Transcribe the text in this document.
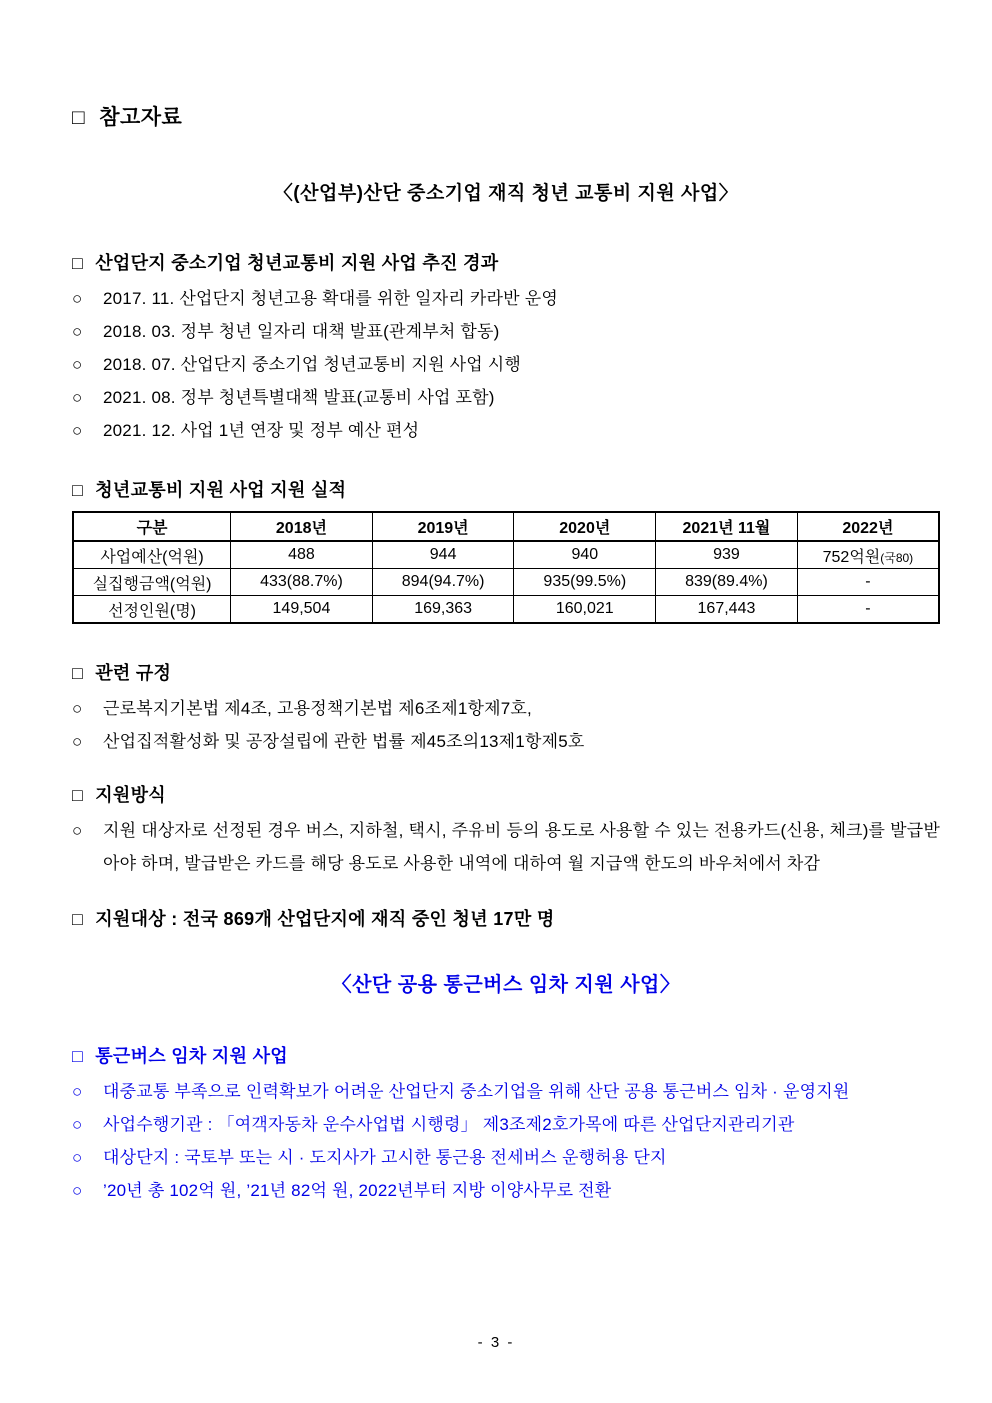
□ 참고자료
〈(산업부)산단 중소기업 재직 청년 교통비 지원 사업〉
□ 산업단지 중소기업 청년교통비 지원 사업 추진 경과
○ 2017. 11. 산업단지 청년고용 확대를 위한 일자리 카라반 운영
○ 2018. 03. 정부 청년 일자리 대책 발표(관계부처 합동)
○ 2018. 07. 산업단지 중소기업 청년교통비 지원 사업 시행
○ 2021. 08. 정부 청년특별대책 발표(교통비 사업 포함)
○ 2021. 12. 사업 1년 연장 및 정부 예산 편성
□ 청년교통비 지원 사업 지원 실적
구분	2018년	2019년	2020년	2021년 11월	2022년
사업예산(억원)	488	944	940	939	752억원(국80)
실집행금액(억원)	433(88.7%)	894(94.7%)	935(99.5%)	839(89.4%)	-
선정인원(명)	149,504	169,363	160,021	167,443	-
□ 관련 규정
○ 근로복지기본법 제4조, 고용정책기본법 제6조제1항제7호,
○ 산업집적활성화 및 공장설립에 관한 법률 제45조의13제1항제5호
□ 지원방식
○ 지원 대상자로 선정된 경우 버스, 지하철, 택시, 주유비 등의 용도로 사용할 수 있는 전용카드(신용, 체크)를 발급받아야 하며, 발급받은 카드를 해당 용도로 사용한 내역에 대하여 월 지급액 한도의 바우처에서 차감
□ 지원대상 : 전국 869개 산업단지에 재직 중인 청년 17만 명
〈산단 공용 통근버스 임차 지원 사업〉
□ 통근버스 임차 지원 사업
○ 대중교통 부족으로 인력확보가 어려운 산업단지 중소기업을 위해 산단 공용 통근버스 임차 · 운영지원
○ 사업수행기관 : 「여객자동차 운수사업법 시행령」 제3조제2호가목에 따른 산업단지관리기관
○ 대상단지 : 국토부 또는 시 · 도지사가 고시한 통근용 전세버스 운행허용 단지
○ ’20년 총 102억 원, ’21년 82억 원, 2022년부터 지방 이양사무로 전환
- 3 -
